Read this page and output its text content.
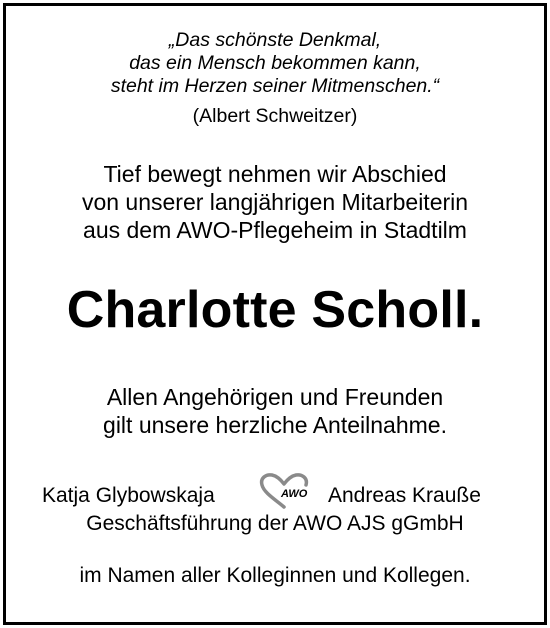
„Das schönste Denkmal,
das ein Mensch bekommen kann,
steht im Herzen seiner Mitmenschen.“
(Albert Schweitzer)
Tief bewegt nehmen wir Abschied
von unserer langjährigen Mitarbeiterin
aus dem AWO-Pflegeheim in Stadtilm
Charlotte Scholl.
Allen Angehörigen und Freunden
gilt unsere herzliche Anteilnahme.
Katja Glybowskaja	AWO Andreas Krauße
Geschäftsführung der AWO AJS gGmbH
im Namen aller Kolleginnen und Kollegen.
